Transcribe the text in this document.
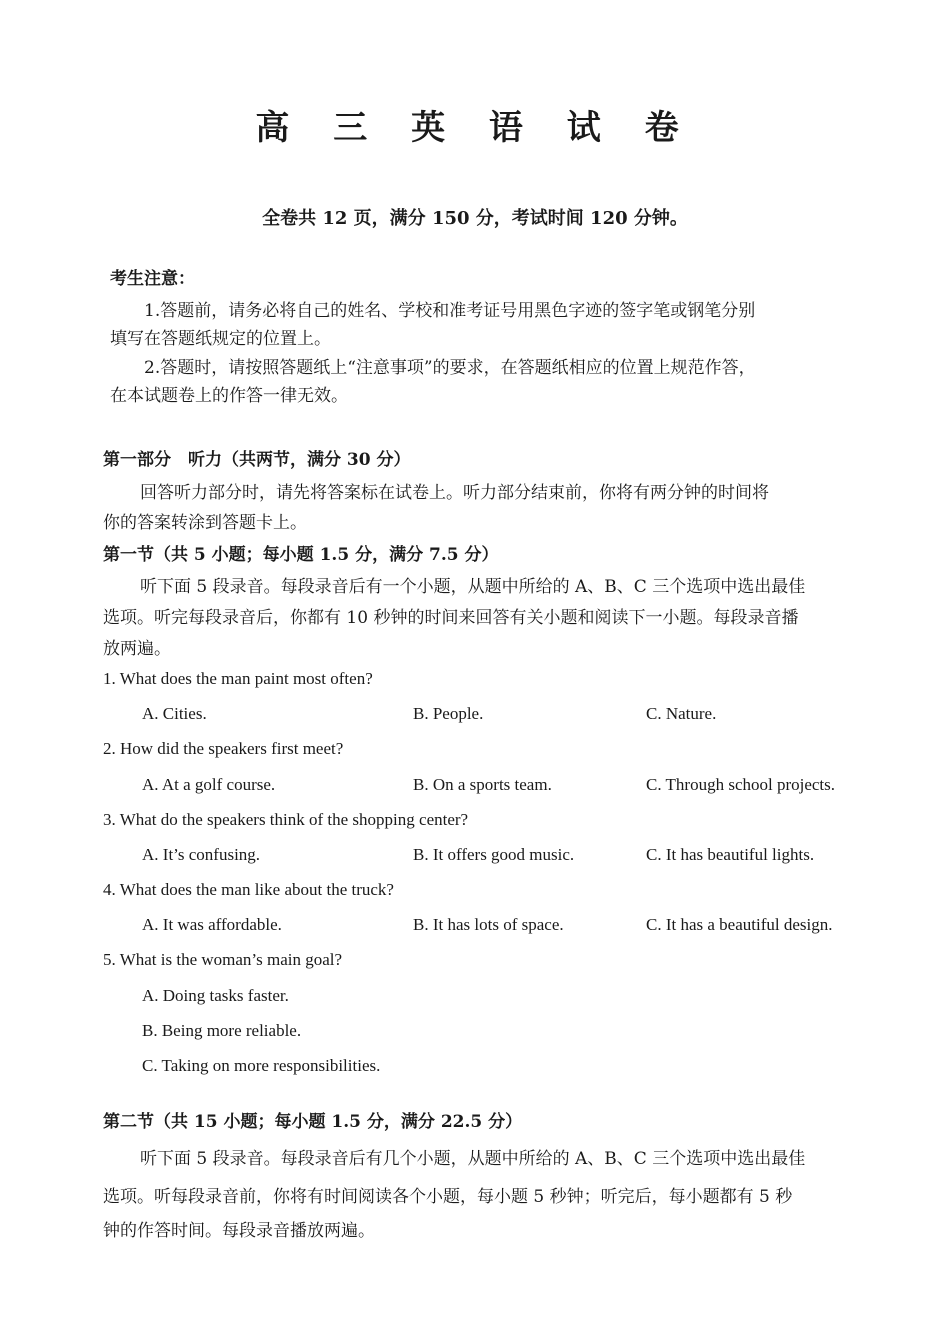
高 三 英 语 试 卷
全卷共 12 页，满分 150 分，考试时间 120 分钟。
考生注意：
1.答题前，请务必将自己的姓名、学校和准考证号用黑色字迹的签字笔或钢笔分别
填写在答题纸规定的位置上。
2.答题时，请按照答题纸上“注意事项”的要求，在答题纸相应的位置上规范作答，
在本试题卷上的作答一律无效。
第一部分　听力（共两节，满分 30 分）
回答听力部分时，请先将答案标在试卷上。听力部分结束前，你将有两分钟的时间将
你的答案转涂到答题卡上。
第一节（共 5 小题；每小题 1.5 分，满分 7.5 分）
听下面 5 段录音。每段录音后有一个小题，从题中所给的 A、B、C 三个选项中选出最佳
选项。听完每段录音后，你都有 10 秒钟的时间来回答有关小题和阅读下一小题。每段录音播
放两遍。
1. What does the man paint most often?
A. Cities.	B. People.	C. Nature.
2. How did the speakers first meet?
A. At a golf course.	B. On a sports team.	C. Through school projects.
3. What do the speakers think of the shopping center?
A. It’s confusing.	B. It offers good music.	C. It has beautiful lights.
4. What does the man like about the truck?
A. It was affordable.	B. It has lots of space.	C. It has a beautiful design.
5. What is the woman’s main goal?
A. Doing tasks faster.
B. Being more reliable.
C. Taking on more responsibilities.
第二节（共 15 小题；每小题 1.5 分，满分 22.5 分）
听下面 5 段录音。每段录音后有几个小题，从题中所给的 A、B、C 三个选项中选出最佳
选项。听每段录音前，你将有时间阅读各个小题，每小题 5 秒钟；听完后，每小题都有 5 秒
钟的作答时间。每段录音播放两遍。
